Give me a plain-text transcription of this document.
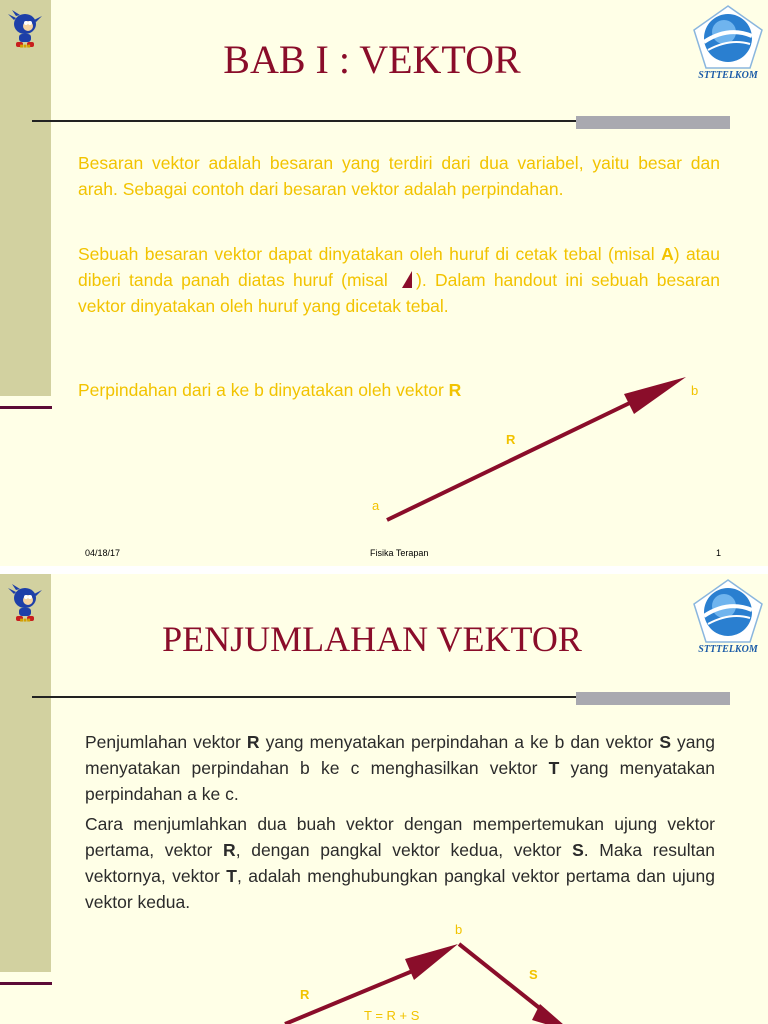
■■■
STTTELKOM
BAB I : VEKTOR

Besaran vektor adalah besaran yang terdiri dari dua variabel, yaitu besar dan arah. Sebagai contoh dari besaran vektor adalah perpindahan.

Sebuah besaran vektor dapat dinyatakan oleh huruf di cetak tebal (misal A) atau diberi tanda panah diatas huruf (misal ). Dalam handout ini sebuah besaran vektor dinyatakan oleh huruf yang dicetak tebal.

Perpindahan dari a ke b dinyatakan oleh vektor R

a
b
R
04/18/17	Fisika Terapan	1
■■■
STTTELKOM
PENJUMLAHAN VEKTOR

Penjumlahan vektor R yang menyatakan perpindahan a ke b dan vektor S yang menyatakan perpindahan b ke c menghasilkan vektor T yang menyatakan perpindahan a ke c.

Cara menjumlahkan dua buah vektor dengan mempertemukan ujung vektor pertama, vektor R, dengan pangkal vektor kedua, vektor S. Maka resultan vektornya, vektor T, adalah menghubungkan pangkal vektor pertama dan ujung vektor kedua.

b
R
S
T = R + S
